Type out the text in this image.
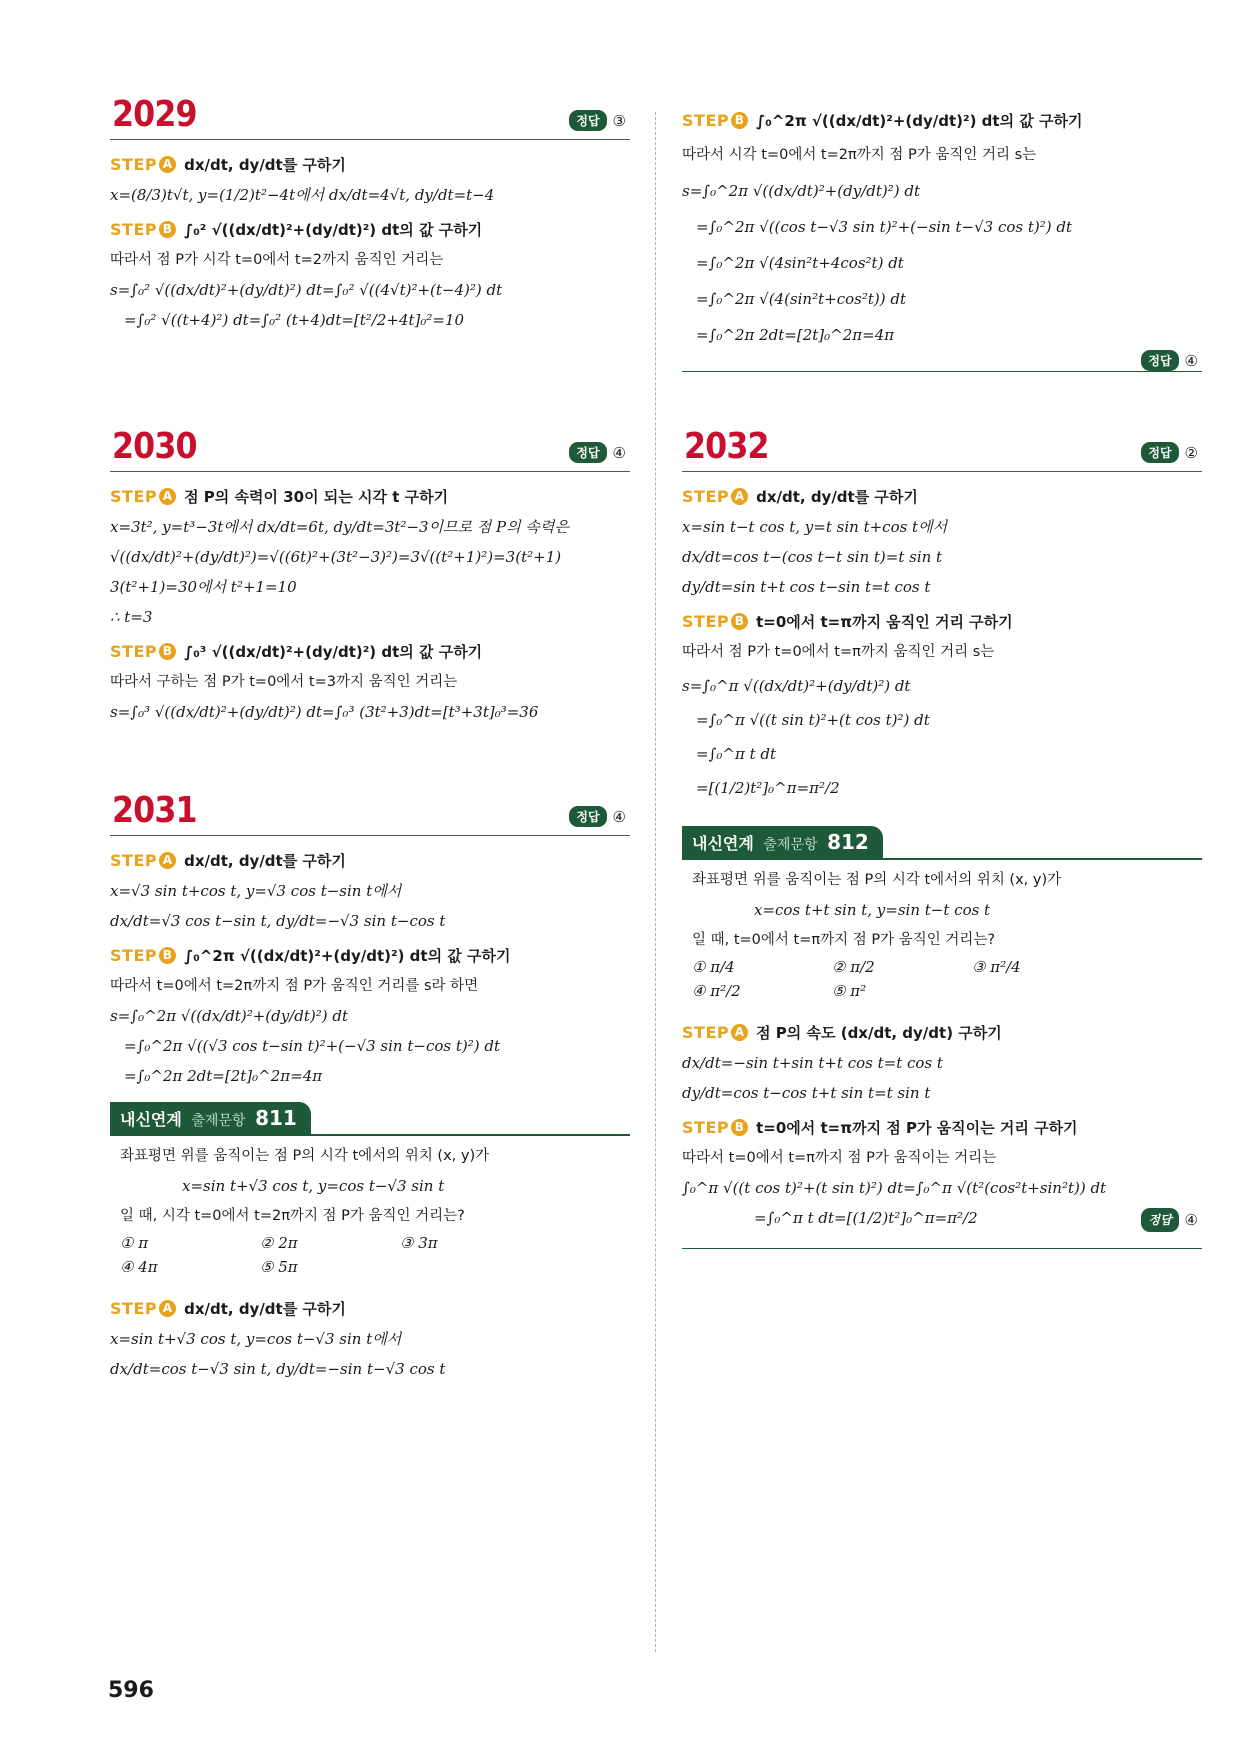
2029	정답 ③
STEP A dx/dt, dy/dt를 구하기
x=(8/3)t√t, y=(1/2)t²−4t에서 dx/dt=4√t, dy/dt=t−4
STEP B ∫₀² √((dx/dt)²+(dy/dt)²) dt의 값 구하기
따라서 점 P가 시각 t=0에서 t=2까지 움직인 거리는
s=∫₀² √((dx/dt)²+(dy/dt)²) dt=∫₀² √((4√t)²+(t−4)²) dt
=∫₀² √((t+4)²) dt=∫₀² (t+4)dt=[t²/2+4t]₀²=10
2030	정답 ④
STEP A 점 P의 속력이 30이 되는 시각 t 구하기
x=3t², y=t³−3t에서 dx/dt=6t, dy/dt=3t²−3이므로 점 P의 속력은
√((dx/dt)²+(dy/dt)²)=√((6t)²+(3t²−3)²)=3√((t²+1)²)=3(t²+1)
3(t²+1)=30에서 t²+1=10
∴ t=3
STEP B ∫₀³ √((dx/dt)²+(dy/dt)²) dt의 값 구하기
따라서 구하는 점 P가 t=0에서 t=3까지 움직인 거리는
s=∫₀³ √((dx/dt)²+(dy/dt)²) dt=∫₀³ (3t²+3)dt=[t³+3t]₀³=36
2031	정답 ④
STEP A dx/dt, dy/dt를 구하기
x=√3 sin t+cos t, y=√3 cos t−sin t에서
dx/dt=√3 cos t−sin t, dy/dt=−√3 sin t−cos t
STEP B ∫₀^2π √((dx/dt)²+(dy/dt)²) dt의 값 구하기
따라서 t=0에서 t=2π까지 점 P가 움직인 거리를 s라 하면
s=∫₀^2π √((dx/dt)²+(dy/dt)²) dt
=∫₀^2π √((√3 cos t−sin t)²+(−√3 sin t−cos t)²) dt
=∫₀^2π 2dt=[2t]₀^2π=4π
내신연계 출제문항 811
좌표평면 위를 움직이는 점 P의 시각 t에서의 위치 (x, y)가
x=sin t+√3 cos t, y=cos t−√3 sin t
일 때, 시각 t=0에서 t=2π까지 점 P가 움직인 거리는?
① π	② 2π	③ 3π
④ 4π	⑤ 5π
STEP A dx/dt, dy/dt를 구하기
x=sin t+√3 cos t, y=cos t−√3 sin t에서
dx/dt=cos t−√3 sin t, dy/dt=−sin t−√3 cos t
596
STEP B ∫₀^2π √((dx/dt)²+(dy/dt)²) dt의 값 구하기
따라서 시각 t=0에서 t=2π까지 점 P가 움직인 거리 s는
s=∫₀^2π √((dx/dt)²+(dy/dt)²) dt
=∫₀^2π √((cos t−√3 sin t)²+(−sin t−√3 cos t)²) dt
=∫₀^2π √(4sin²t+4cos²t) dt
=∫₀^2π √(4(sin²t+cos²t)) dt
=∫₀^2π 2dt=[2t]₀^2π=4π
정답 ④
2032	정답 ②
STEP A dx/dt, dy/dt를 구하기
x=sin t−t cos t, y=t sin t+cos t에서
dx/dt=cos t−(cos t−t sin t)=t sin t
dy/dt=sin t+t cos t−sin t=t cos t
STEP B t=0에서 t=π까지 움직인 거리 구하기
따라서 점 P가 t=0에서 t=π까지 움직인 거리 s는
s=∫₀^π √((dx/dt)²+(dy/dt)²) dt
=∫₀^π √((t sin t)²+(t cos t)²) dt
=∫₀^π t dt
=[(1/2)t²]₀^π=π²/2
내신연계 출제문항 812
좌표평면 위를 움직이는 점 P의 시각 t에서의 위치 (x, y)가
x=cos t+t sin t, y=sin t−t cos t
일 때, t=0에서 t=π까지 점 P가 움직인 거리는?
① π/4	② π/2	③ π²/4
④ π²/2	⑤ π²
STEP A 점 P의 속도 (dx/dt, dy/dt) 구하기
dx/dt=−sin t+sin t+t cos t=t cos t
dy/dt=cos t−cos t+t sin t=t sin t
STEP B t=0에서 t=π까지 점 P가 움직이는 거리 구하기
따라서 t=0에서 t=π까지 점 P가 움직이는 거리는
∫₀^π √((t cos t)²+(t sin t)²) dt=∫₀^π √(t²(cos²t+sin²t)) dt
=∫₀^π t dt=[(1/2)t²]₀^π=π²/2	정답 ④
